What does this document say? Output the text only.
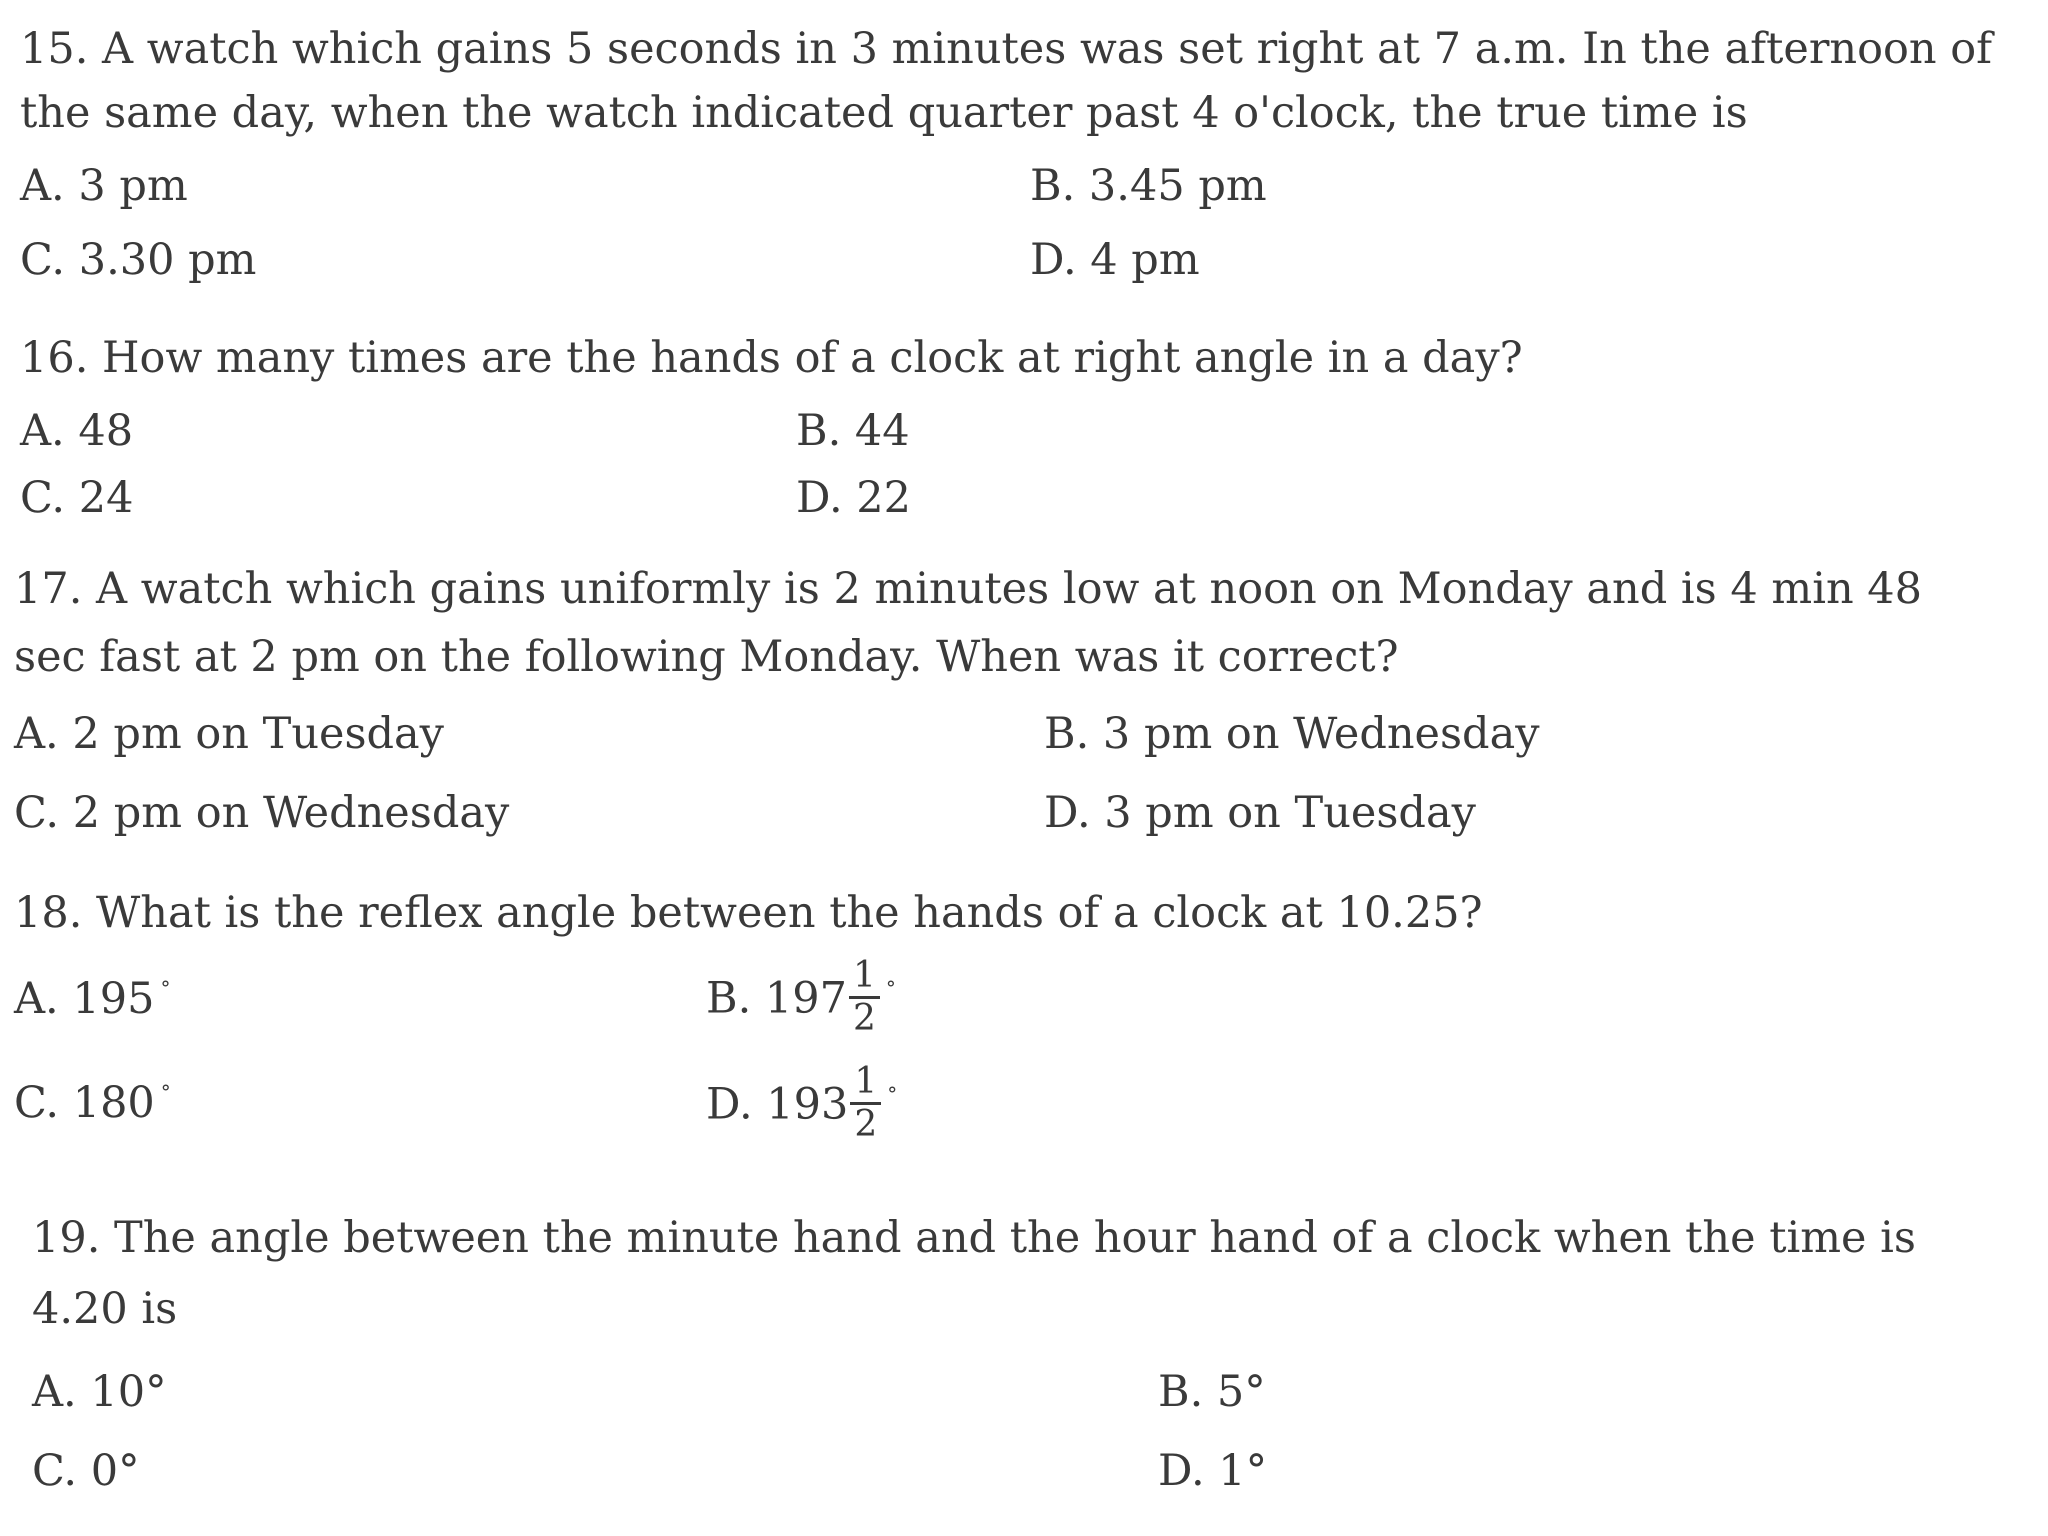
15. A watch which gains 5 seconds in 3 minutes was set right at 7 a.m. In the afternoon of
the same day, when the watch indicated quarter past 4 o'clock, the true time is
A. 3 pm	B. 3.45 pm
C. 3.30 pm	D. 4 pm
16. How many times are the hands of a clock at right angle in a day?
A. 48	B. 44
C. 24	D. 22
17. A watch which gains uniformly is 2 minutes low at noon on Monday and is 4 min 48
sec fast at 2 pm on the following Monday. When was it correct?
A. 2 pm on Tuesday	B. 3 pm on Wednesday
C. 2 pm on Wednesday	D. 3 pm on Tuesday
18. What is the reflex angle between the hands of a clock at 10.25?
A. 195 °	B. $197 \frac{1}{2} ^\circ$
C. 180 °	D. $193 \frac{1}{2} ^\circ$
19. The angle between the minute hand and the hour hand of a clock when the time is
4.20 is
A. 10°	B. 5°
C. 0°	D. 1°
